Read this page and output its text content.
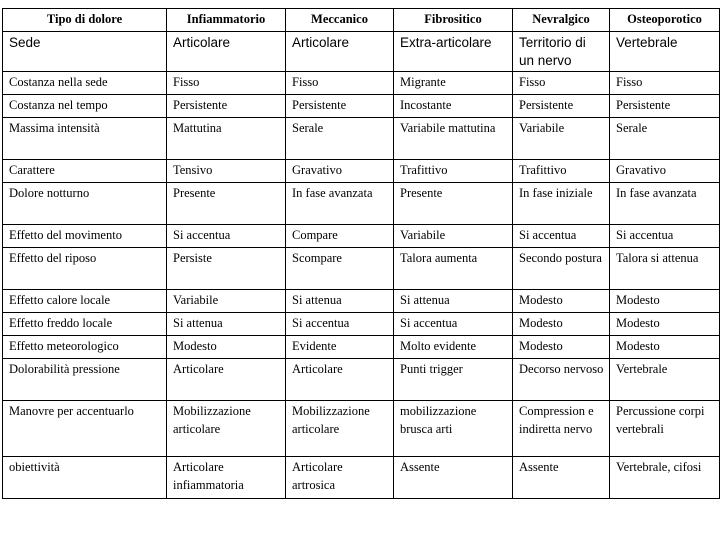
Tipo di dolore	Infiammatorio	Meccanico	Fibrositico	Nevralgico	Osteoporotico
Sede	Articolare	Articolare	Extra-articolare	Territorio di un nervo	Vertebrale
Costanza nella sede	Fisso	Fisso	Migrante	Fisso	Fisso
Costanza nel tempo	Persistente	Persistente	Incostante	Persistente	Persistente
Massima intensità	Mattutina	Serale	Variabile mattutina	Variabile	Serale
Carattere	Tensivo	Gravativo	Trafittivo	Trafittivo	Gravativo
Dolore notturno	Presente	In fase avanzata	Presente	In fase iniziale	In fase avanzata
Effetto del movimento	Si accentua	Compare	Variabile	Si accentua	Si accentua
Effetto del riposo	Persiste	Scompare	Talora aumenta	Secondo postura	Talora si attenua
Effetto calore locale	Variabile	Si attenua	Si attenua	Modesto	Modesto
Effetto freddo locale	Si attenua	Si accentua	Si accentua	Modesto	Modesto
Effetto meteorologico	Modesto	Evidente	Molto evidente	Modesto	Modesto
Dolorabilità pressione	Articolare	Articolare	Punti trigger	Decorso nervoso	Vertebrale
Manovre per accentuarlo	Mobilizzazione articolare	Mobilizzazione articolare	mobilizzazione brusca arti	Compression e indiretta nervo	Percussione corpi vertebrali
obiettività	Articolare infiammatoria	Articolare artrosica	Assente	Assente	Vertebrale, cifosi
